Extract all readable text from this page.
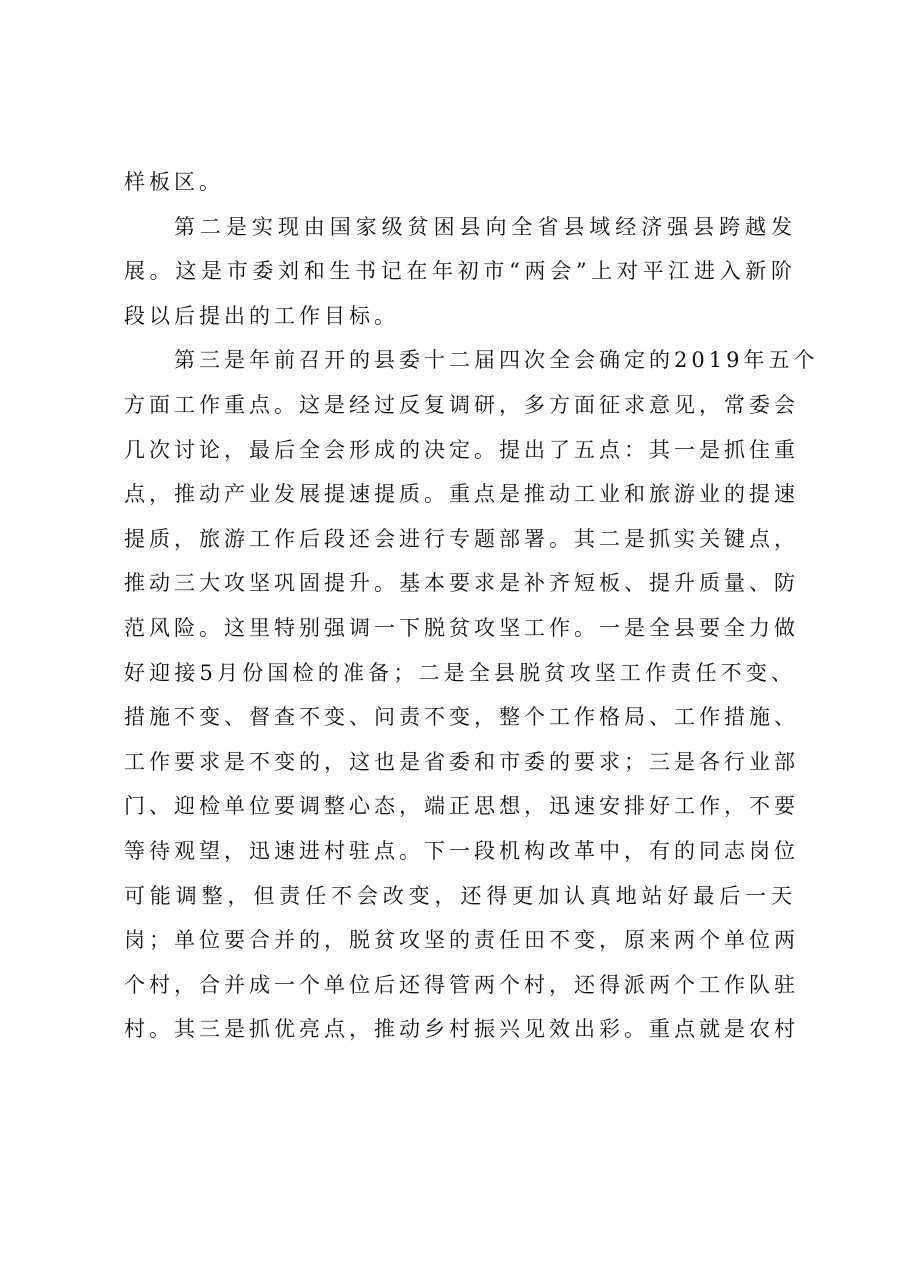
样板区。
第二是实现由国家级贫困县向全省县域经济强县跨越发
展。这是市委刘和生书记在年初市“两会”上对平江进入新阶
段以后提出的工作目标。
第三是年前召开的县委十二届四次全会确定的2019年五个
方面工作重点。这是经过反复调研，多方面征求意见，常委会
几次讨论，最后全会形成的决定。提出了五点：其一是抓住重
点，推动产业发展提速提质。重点是推动工业和旅游业的提速
提质，旅游工作后段还会进行专题部署。其二是抓实关键点，
推动三大攻坚巩固提升。基本要求是补齐短板、提升质量、防
范风险。这里特别强调一下脱贫攻坚工作。一是全县要全力做
好迎接5月份国检的准备；二是全县脱贫攻坚工作责任不变、
措施不变、督查不变、问责不变，整个工作格局、工作措施、
工作要求是不变的，这也是省委和市委的要求；三是各行业部
门、迎检单位要调整心态，端正思想，迅速安排好工作，不要
等待观望，迅速进村驻点。下一段机构改革中，有的同志岗位
可能调整，但责任不会改变，还得更加认真地站好最后一天
岗；单位要合并的，脱贫攻坚的责任田不变，原来两个单位两
个村，合并成一个单位后还得管两个村，还得派两个工作队驻
村。其三是抓优亮点，推动乡村振兴见效出彩。重点就是农村
